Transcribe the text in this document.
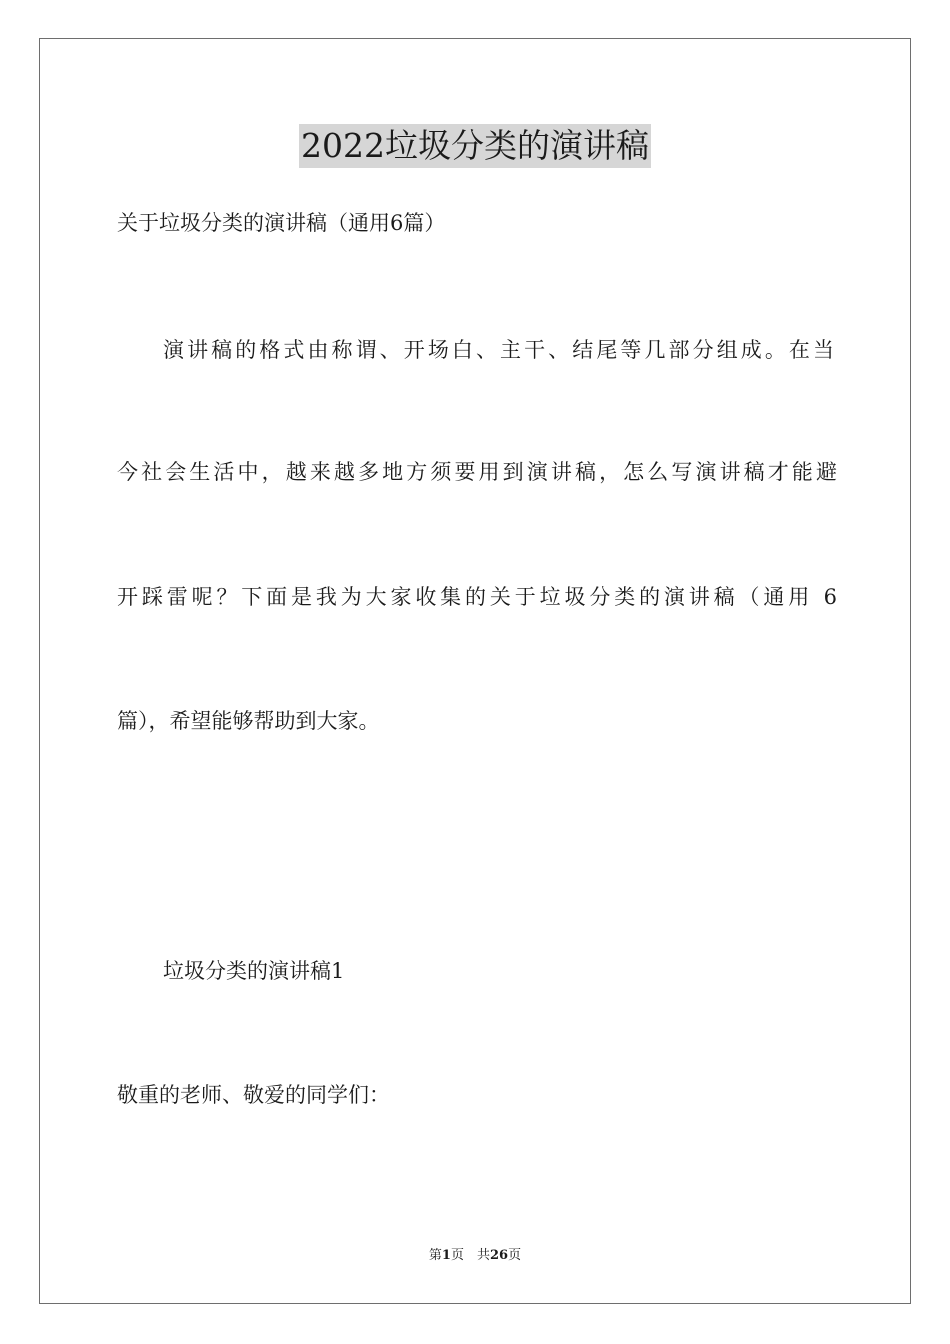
2022垃圾分类的演讲稿
关于垃圾分类的演讲稿（通用6篇）
演讲稿的格式由称谓、开场白、主干、结尾等几部分组成。在当
今社会生活中，越来越多地方须要用到演讲稿，怎么写演讲稿才能避
开踩雷呢？下面是我为大家收集的关于垃圾分类的演讲稿（通用 6
篇），希望能够帮助到大家。
垃圾分类的演讲稿1
敬重的老师、敬爱的同学们：
第1页　共26页
